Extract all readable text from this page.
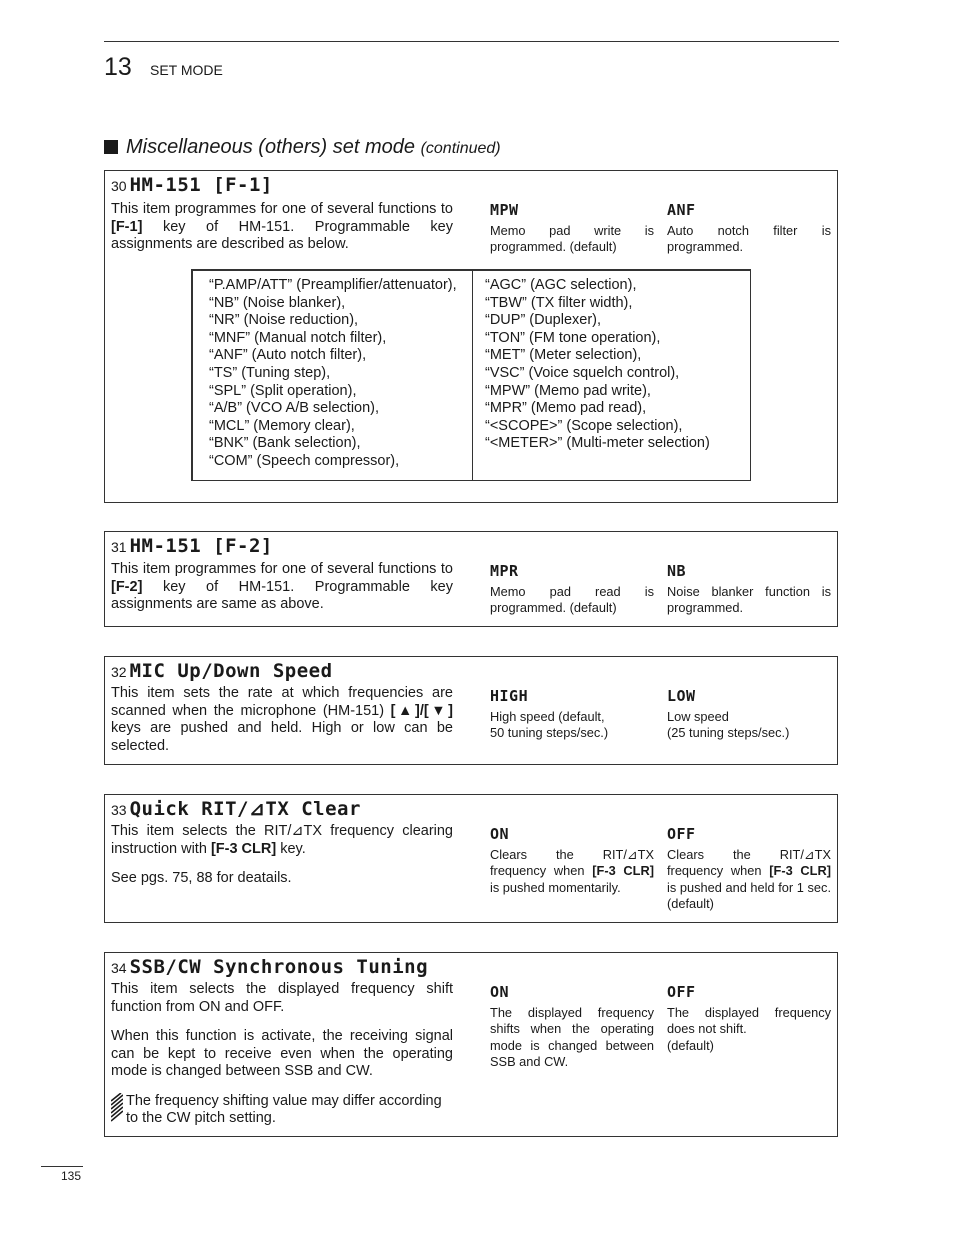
13 SET MODE
Miscellaneous (others) set mode (continued)
30 HM-151 [F-1]

This item programmes for one of several functions to [F-1] key of HM-151. Programmable key assignments are described as below.

MPW
Memo pad write is programmed. (default)
ANF
Auto notch filter is programmed.
“P.AMP/ATT” (Preamplifier/attenuator),
“NB” (Noise blanker),
“NR” (Noise reduction),
“MNF” (Manual notch filter),
“ANF” (Auto notch filter),
“TS” (Tuning step),
“SPL” (Split operation),
“A/B” (VCO A/B selection),
“MCL” (Memory clear),
“BNK” (Bank selection),
“COM” (Speech compressor),
“AGC” (AGC selection),
“TBW” (TX filter width),
“DUP” (Duplexer),
“TON” (FM tone operation),
“MET” (Meter selection),
“VSC” (Voice squelch control),
“MPW” (Memo pad write),
“MPR” (Memo pad read),
“<SCOPE>” (Scope selection),
“<METER>” (Multi-meter selection)
31 HM-151 [F-2]

This item programmes for one of several functions to [F-2] key of HM-151. Programmable key assignments are same as above.

MPR
Memo pad read is programmed. (default)
NB
Noise blanker function is programmed.
32 MIC Up/Down Speed

This item sets the rate at which frequencies are scanned when the microphone (HM-151) [▲]/[▼] keys are pushed and held. High or low can be selected.

HIGH
High speed (default,
50 tuning steps/sec.)
LOW
Low speed
(25 tuning steps/sec.)
33 Quick RIT/⊿TX Clear

This item selects the RIT/⊿TX frequency clearing instruction with [F-3 CLR] key.

See pgs. 75, 88 for deatails.

ON
Clears the RIT/⊿TX frequency when [F-3 CLR] is pushed momentarily.
OFF
Clears the RIT/⊿TX frequency when [F-3 CLR] is pushed and held for 1 sec. (default)
34 SSB/CW Synchronous Tuning

This item selects the displayed frequency shift function from ON and OFF.

When this function is activate, the receiving signal can be kept to receive even when the operating mode is changed between SSB and CW.

The frequency shifting value may differ according to the CW pitch setting.

ON
The displayed frequency shifts when the operating mode is changed between SSB and CW.
OFF
The displayed frequency does not shift.
(default)
135
